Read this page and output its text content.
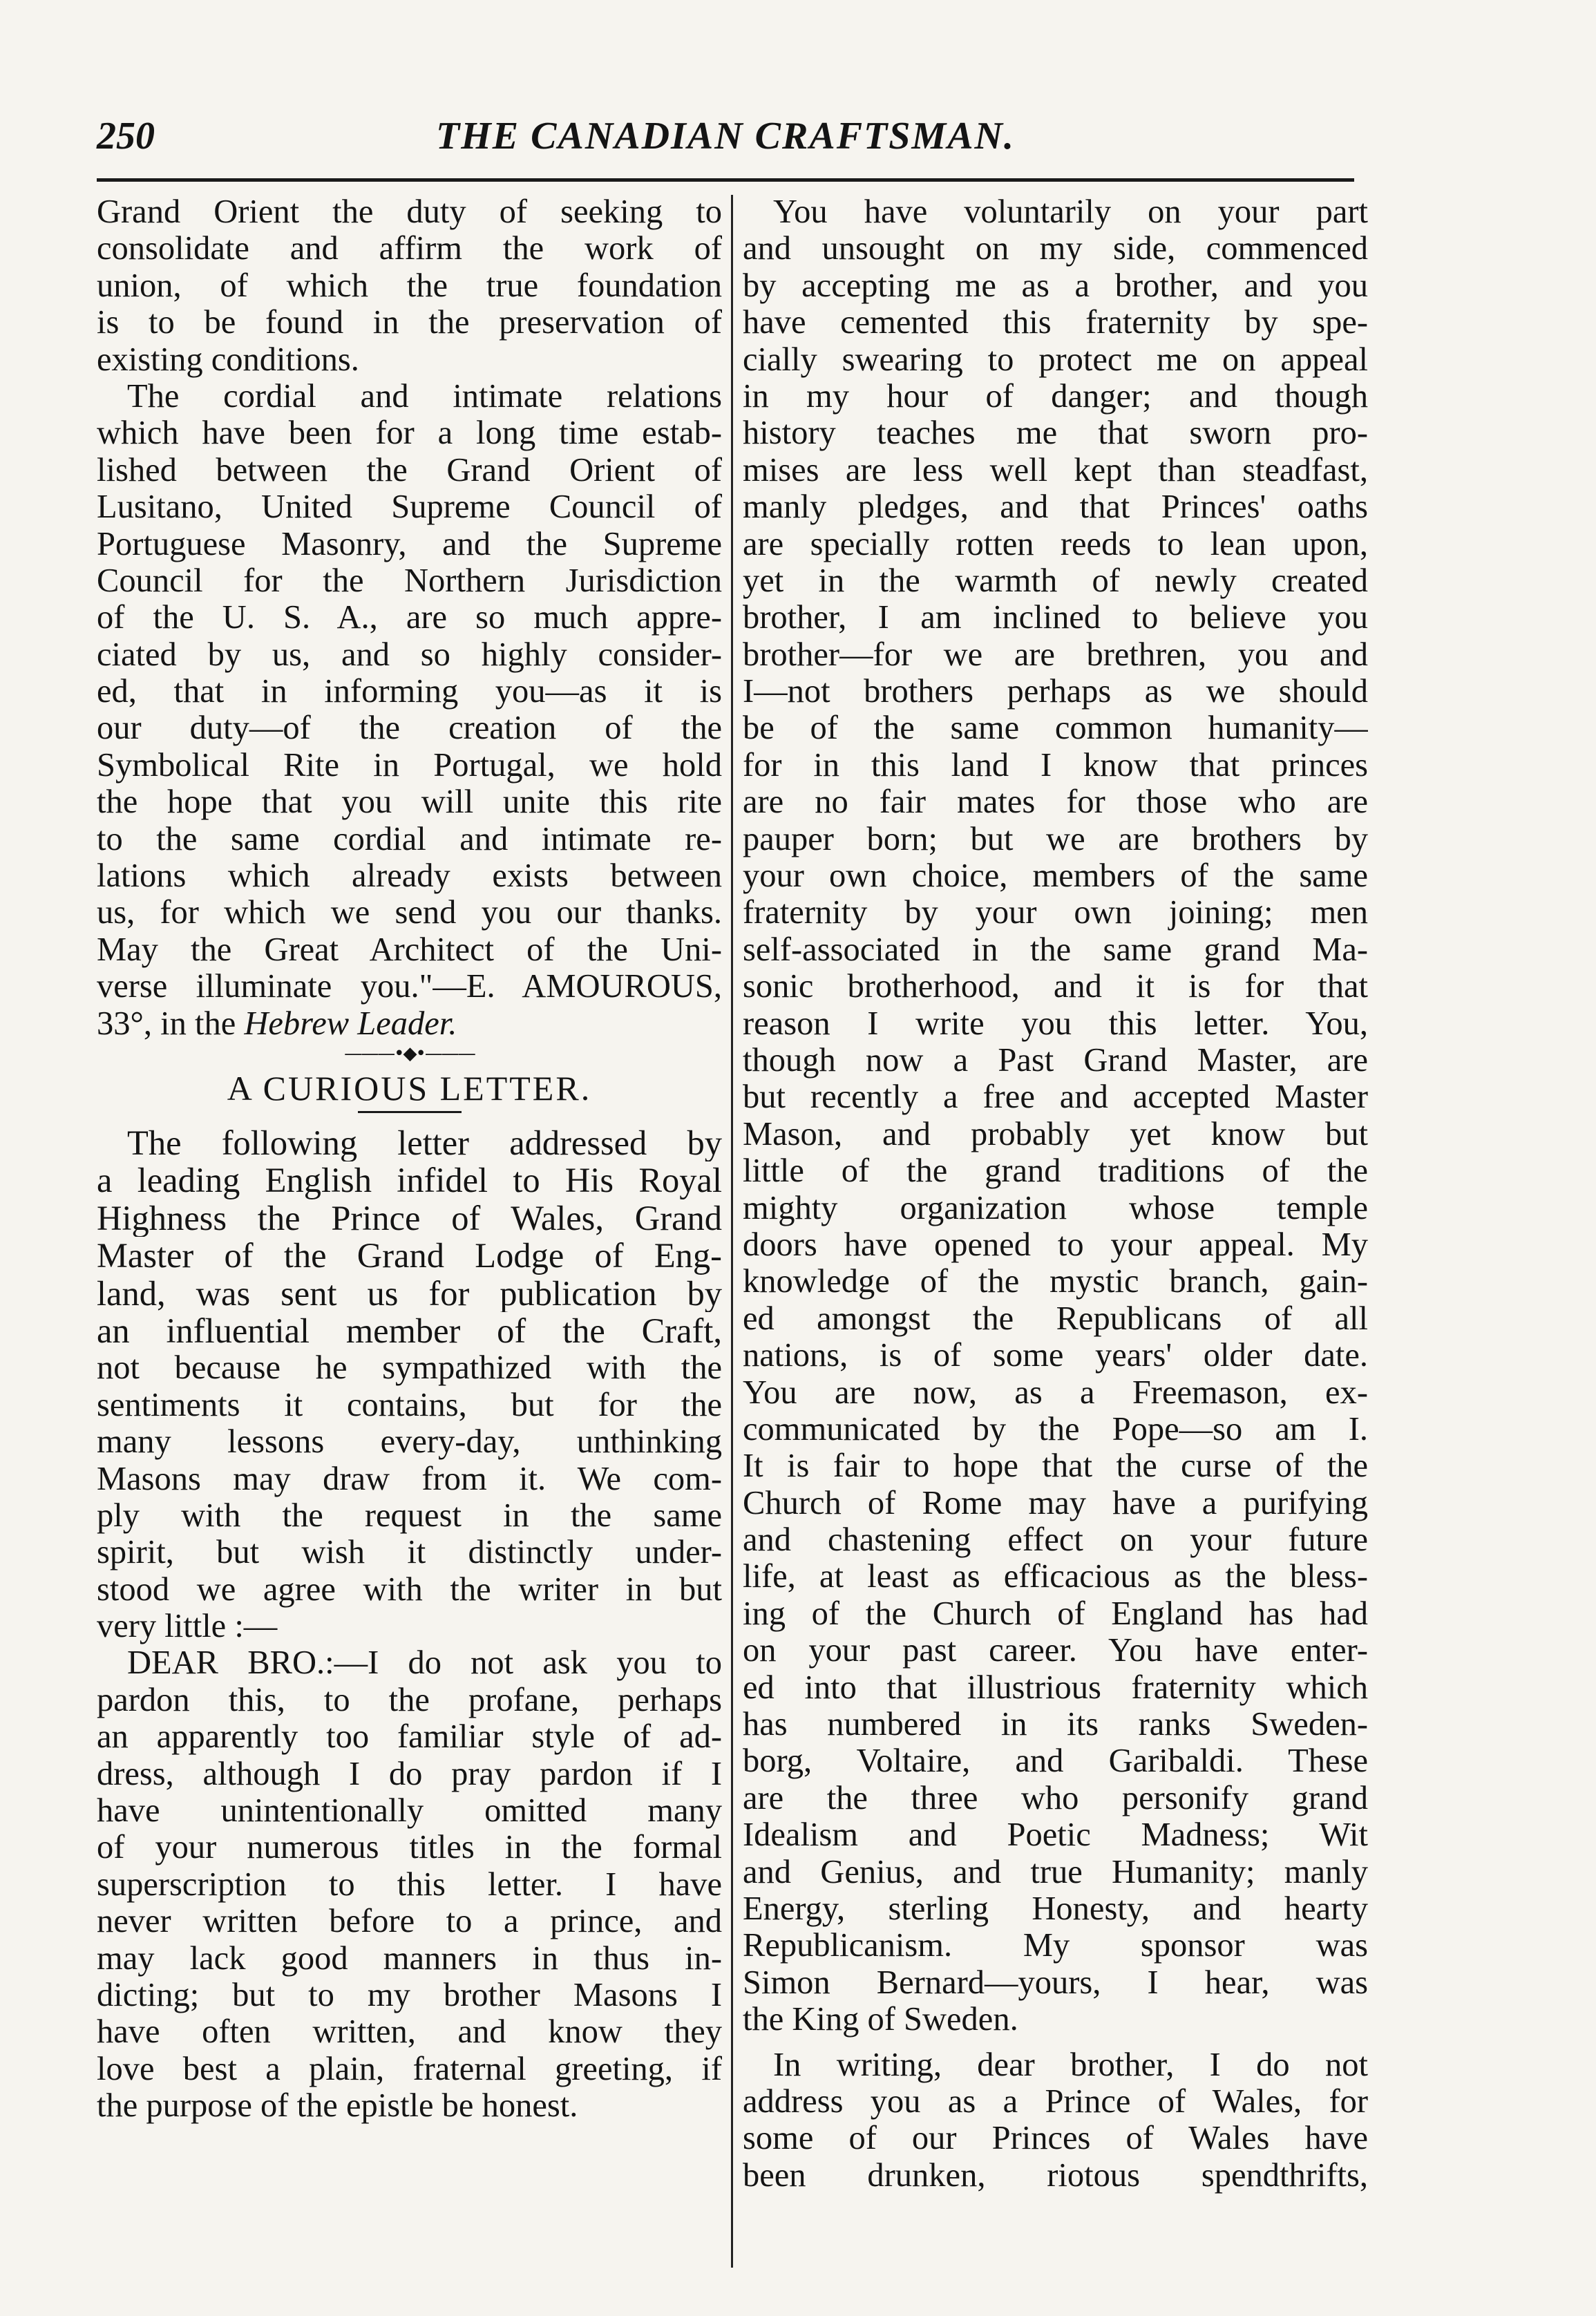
250	THE CANADIAN CRAFTSMAN.
Grand Orient the duty of seeking to
consolidate and affirm the work of
union, of which the true foundation
is to be found in the preservation of
existing conditions.
The cordial and intimate relations
which have been for a long time estab-
lished between the Grand Orient of
Lusitano, United Supreme Council of
Portuguese Masonry, and the Supreme
Council for the Northern Jurisdiction
of the U. S. A., are so much appre-
ciated by us, and so highly consider-
ed, that in informing you—as it is
our duty—of the creation of the
Symbolical Rite in Portugal, we hold
the hope that you will unite this rite
to the same cordial and intimate re-
lations which already exists between
us, for which we send you our thanks.
May the Great Architect of the Uni-
verse illuminate you."—E. AMOUROUS,
33°, in the Hebrew Leader.
———•◆•———
A CURIOUS LETTER.
The following letter addressed by
a leading English infidel to His Royal
Highness the Prince of Wales, Grand
Master of the Grand Lodge of Eng-
land, was sent us for publication by
an influential member of the Craft,
not because he sympathized with the
sentiments it contains, but for the
many lessons every-day, unthinking
Masons may draw from it. We com-
ply with the request in the same
spirit, but wish it distinctly under-
stood we agree with the writer in but
very little :—
DEAR BRO.:—I do not ask you to
pardon this, to the profane, perhaps
an apparently too familiar style of ad-
dress, although I do pray pardon if I
have unintentionally omitted many
of your numerous titles in the formal
superscription to this letter. I have
never written before to a prince, and
may lack good manners in thus in-
dicting; but to my brother Masons I
have often written, and know they
love best a plain, fraternal greeting, if
the purpose of the epistle be honest.
You have voluntarily on your part
and unsought on my side, commenced
by accepting me as a brother, and you
have cemented this fraternity by spe-
cially swearing to protect me on appeal
in my hour of danger; and though
history teaches me that sworn pro-
mises are less well kept than steadfast,
manly pledges, and that Princes' oaths
are specially rotten reeds to lean upon,
yet in the warmth of newly created
brother, I am inclined to believe you
brother—for we are brethren, you and
I—not brothers perhaps as we should
be of the same common humanity—
for in this land I know that princes
are no fair mates for those who are
pauper born; but we are brothers by
your own choice, members of the same
fraternity by your own joining; men
self-associated in the same grand Ma-
sonic brotherhood, and it is for that
reason I write you this letter. You,
though now a Past Grand Master, are
but recently a free and accepted Master
Mason, and probably yet know but
little of the grand traditions of the
mighty organization whose temple
doors have opened to your appeal. My
knowledge of the mystic branch, gain-
ed amongst the Republicans of all
nations, is of some years' older date.
You are now, as a Freemason, ex-
communicated by the Pope—so am I.
It is fair to hope that the curse of the
Church of Rome may have a purifying
and chastening effect on your future
life, at least as efficacious as the bless-
ing of the Church of England has had
on your past career. You have enter-
ed into that illustrious fraternity which
has numbered in its ranks Sweden-
borg, Voltaire, and Garibaldi. These
are the three who personify grand
Idealism and Poetic Madness; Wit
and Genius, and true Humanity; manly
Energy, sterling Honesty, and hearty
Republicanism. My sponsor was
Simon Bernard—yours, I hear, was
the King of Sweden.
In writing, dear brother, I do not
address you as a Prince of Wales, for
some of our Princes of Wales have
been drunken, riotous spendthrifts,
